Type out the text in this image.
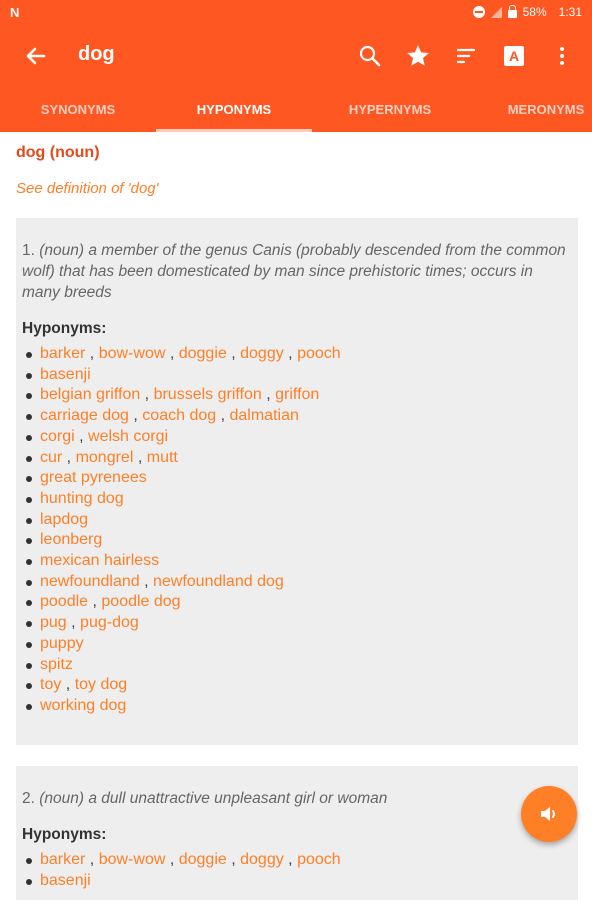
N	58% 1:31
dog	A
SYNONYMS	HYPONYMS	HYPERNYMS	MERONYMS
dog (noun)
See definition of 'dog'
1. (noun) a member of the genus Canis (probably descended from the common wolf) that has been domesticated by man since prehistoric times; occurs in many breeds
Hyponyms:
barker , bow-wow , doggie , doggy , pooch
basenji
belgian griffon , brussels griffon , griffon
carriage dog , coach dog , dalmatian
corgi , welsh corgi
cur , mongrel , mutt
great pyrenees
hunting dog
lapdog
leonberg
mexican hairless
newfoundland , newfoundland dog
poodle , poodle dog
pug , pug-dog
puppy
spitz
toy , toy dog
working dog
2. (noun) a dull unattractive unpleasant girl or woman
Hyponyms:
barker , bow-wow , doggie , doggy , pooch
basenji
